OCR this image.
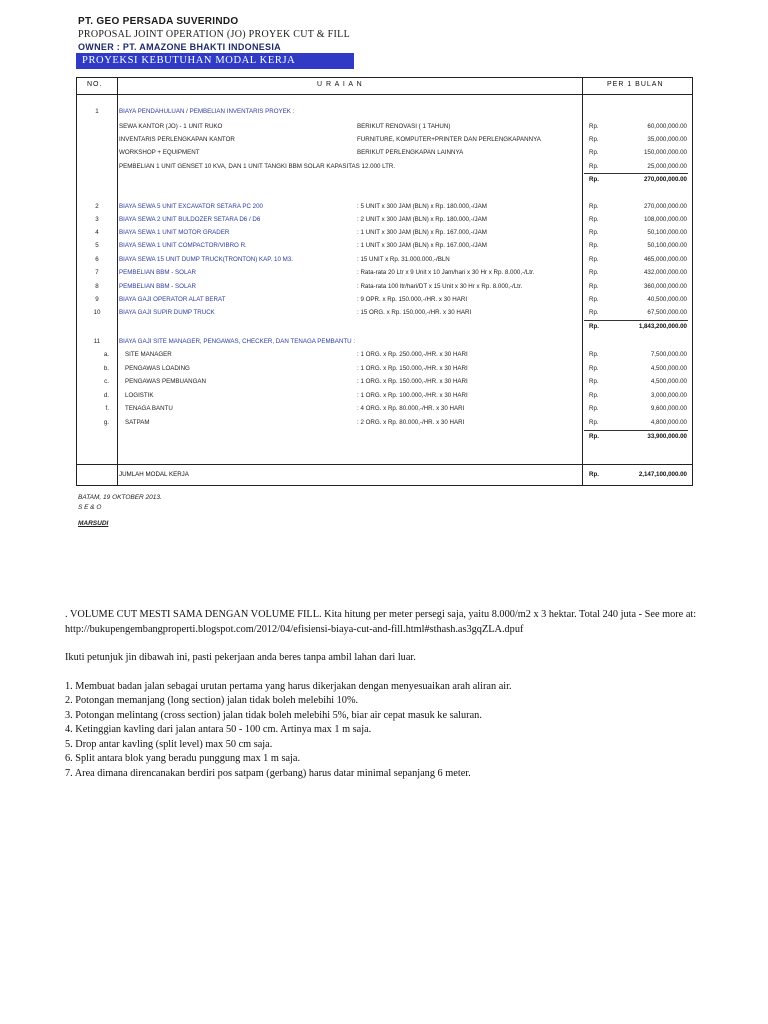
PT. GEO PERSADA SUVERINDO
PROPOSAL JOINT OPERATION (JO) PROYEK CUT & FILL
OWNER : PT. AMAZONE BHAKTI INDONESIA
PROYEKSI KEBUTUHAN MODAL KERJA
NO.	U R A I A N	PER 1 BULAN
1	BIAYA PENDAHULUAN / PEMBELIAN INVENTARIS PROYEK :
SEWA KANTOR (JO) - 1 UNIT RUKO	BERIKUT RENOVASI ( 1 TAHUN)	Rp.	60,000,000.00
INVENTARIS PERLENGKAPAN KANTOR	FURNITURE, KOMPUTER+PRINTER DAN PERLENGKAPANNYA	Rp.	35,000,000.00
WORKSHOP + EQUIPMENT	BERIKUT PERLENGKAPAN LAINNYA	Rp.	150,000,000.00
PEMBELIAN 1 UNIT GENSET 10 KVA, DAN 1 UNIT TANGKI BBM SOLAR KAPASITAS 12.000 LTR.	Rp.	25,000,000.00
Rp.	270,000,000.00
2	BIAYA SEWA 5 UNIT EXCAVATOR SETARA PC 200	: 5 UNIT x 300 JAM (BLN) x Rp. 180.000,-/JAM	Rp.	270,000,000.00
3	BIAYA SEWA 2 UNIT BULDOZER SETARA D6 / D6	: 2 UNIT x 300 JAM (BLN) x Rp. 180.000,-/JAM	Rp.	108,000,000.00
4	BIAYA SEWA 1 UNIT MOTOR GRADER	: 1 UNIT x 300 JAM (BLN) x Rp. 167.000,-/JAM	Rp.	50,100,000.00
5	BIAYA SEWA 1 UNIT COMPACTOR/VIBRO R.	: 1 UNIT x 300 JAM (BLN) x Rp. 167.000,-/JAM	Rp.	50,100,000.00
6	BIAYA SEWA 15 UNIT DUMP TRUCK(TRONTON) KAP. 10 M3.	: 15 UNIT x Rp. 31.000.000,-/BLN	Rp.	465,000,000.00
7	PEMBELIAN BBM - SOLAR	: Rata-rata 20 Ltr x 9 Unit x 10 Jam/hari x 30 Hr x Rp. 8.000,-/Ltr.	Rp.	432,000,000.00
8	PEMBELIAN BBM - SOLAR	: Rata-rata 100 ltr/hari/DT x 15 Unit x 30 Hr x Rp. 8.000,-/Ltr.	Rp.	360,000,000.00
9	BIAYA GAJI OPERATOR ALAT BERAT	: 9 OPR. x Rp. 150.000,-/HR. x 30 HARI	Rp.	40,500,000.00
10	BIAYA GAJI SUPIR DUMP TRUCK	: 15 ORG. x Rp. 150.000,-/HR. x 30 HARI	Rp.	67,500,000.00
Rp.	1,843,200,000.00
11	BIAYA GAJI SITE MANAGER, PENGAWAS, CHECKER, DAN TENAGA PEMBANTU :
a.	SITE MANAGER	: 1 ORG. x Rp. 250.000,-/HR. x 30 HARI	Rp.	7,500,000.00
b.	PENGAWAS LOADING	: 1 ORG. x Rp. 150.000,-/HR. x 30 HARI	Rp.	4,500,000.00
c.	PENGAWAS PEMBUANGAN	: 1 ORG. x Rp. 150.000,-/HR. x 30 HARI	Rp.	4,500,000.00
d.	LOGISTIK	: 1 ORG. x Rp. 100.000,-/HR. x 30 HARI	Rp.	3,000,000.00
f.	TENAGA BANTU	: 4 ORG. x Rp. 80.000,-/HR. x 30 HARI	Rp.	9,600,000.00
g.	SATPAM	: 2 ORG. x Rp. 80.000,-/HR. x 30 HARI	Rp.	4,800,000.00
Rp.	33,900,000.00
JUMLAH MODAL KERJA	Rp.	2,147,100,000.00
BATAM, 19 OKTOBER 2013.
S E & O
MARSUDI

. VOLUME CUT MESTI SAMA DENGAN VOLUME FILL. Kita hitung per meter persegi saja, yaitu 8.000/m2 x 3 hektar. Total 240 juta - See more at: http://bukupengembangproperti.blogspot.com/2012/04/efisiensi-biaya-cut-and-fill.html#sthash.as3gqZLA.dpuf

Ikuti petunjuk jin dibawah ini, pasti pekerjaan anda beres tanpa ambil lahan dari luar.

1. Membuat badan jalan sebagai urutan pertama yang harus dikerjakan dengan menyesuaikan arah aliran air.
2. Potongan memanjang (long section) jalan tidak boleh melebihi 10%.
3. Potongan melintang (cross section) jalan tidak boleh melebihi 5%, biar air cepat masuk ke saluran.
4. Ketinggian kavling dari jalan antara 50 - 100 cm. Artinya max 1 m saja.
5. Drop antar kavling (split level) max 50 cm saja.
6. Split antara blok yang beradu punggung max 1 m saja.
7. Area dimana direncanakan berdiri pos satpam (gerbang) harus datar minimal sepanjang 6 meter.
